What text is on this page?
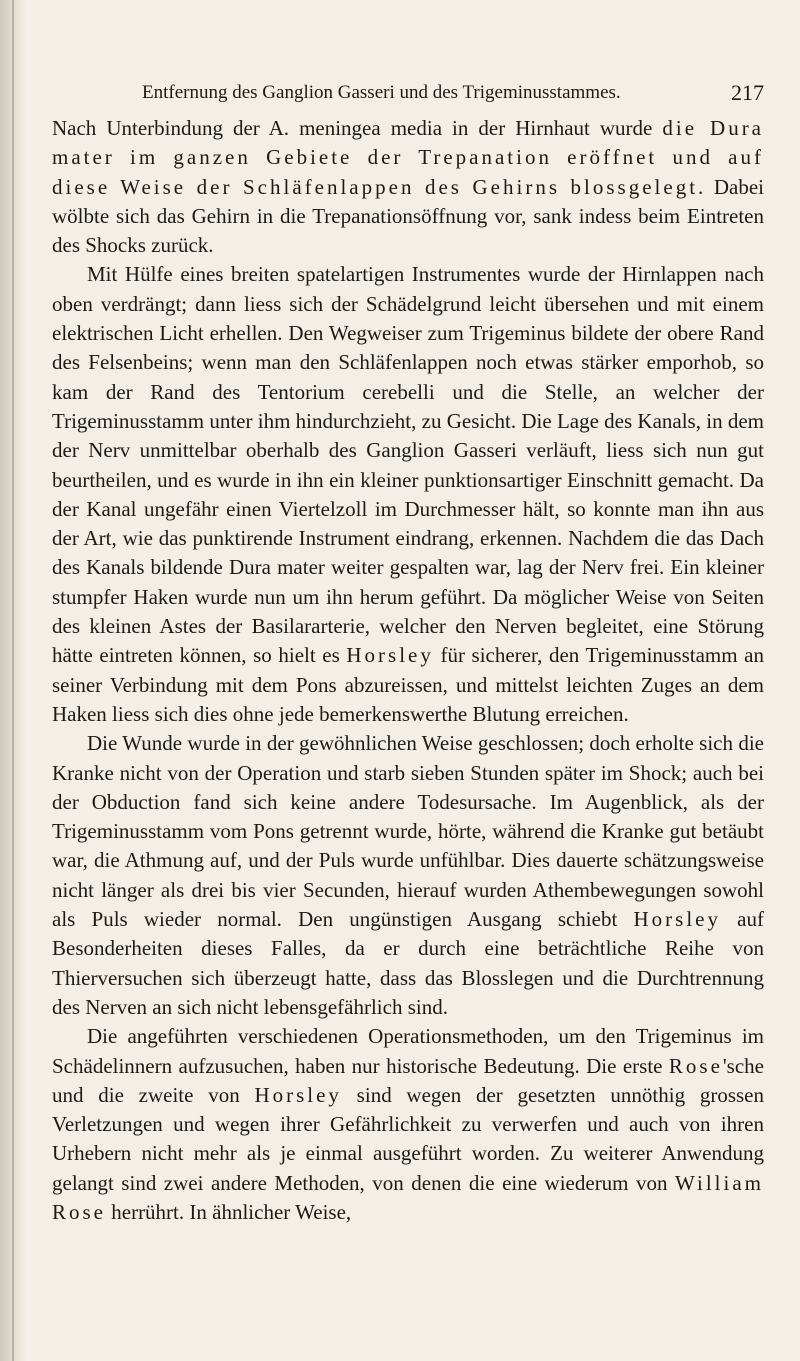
Entfernung des Ganglion Gasseri und des Trigeminusstammes.	217

Nach Unterbindung der A. meningea media in der Hirnhaut wurde die Dura mater im ganzen Gebiete der Trepanation eröffnet und auf diese Weise der Schläfenlappen des Gehirns blossgelegt. Dabei wölbte sich das Gehirn in die Trepanationsöffnung vor, sank indess beim Eintreten des Shocks zurück.

Mit Hülfe eines breiten spatelartigen Instrumentes wurde der Hirnlappen nach oben verdrängt; dann liess sich der Schädelgrund leicht übersehen und mit einem elektrischen Licht erhellen. Den Wegweiser zum Trigeminus bildete der obere Rand des Felsenbeins; wenn man den Schläfenlappen noch etwas stärker emporhob, so kam der Rand des Tentorium cerebelli und die Stelle, an welcher der Trigeminusstamm unter ihm hindurchzieht, zu Gesicht. Die Lage des Kanals, in dem der Nerv unmittelbar oberhalb des Ganglion Gasseri verläuft, liess sich nun gut beurtheilen, und es wurde in ihn ein kleiner punktionsartiger Einschnitt gemacht. Da der Kanal ungefähr einen Viertelzoll im Durchmesser hält, so konnte man ihn aus der Art, wie das punktirende Instrument eindrang, erkennen. Nachdem die das Dach des Kanals bildende Dura mater weiter gespalten war, lag der Nerv frei. Ein kleiner stumpfer Haken wurde nun um ihn herum geführt. Da möglicher Weise von Seiten des kleinen Astes der Basilararterie, welcher den Nerven begleitet, eine Störung hätte eintreten können, so hielt es Horsley für sicherer, den Trigeminusstamm an seiner Verbindung mit dem Pons abzureissen, und mittelst leichten Zuges an dem Haken liess sich dies ohne jede bemerkenswerthe Blutung erreichen.

Die Wunde wurde in der gewöhnlichen Weise geschlossen; doch erholte sich die Kranke nicht von der Operation und starb sieben Stunden später im Shock; auch bei der Obduction fand sich keine andere Todesursache. Im Augenblick, als der Trigeminusstamm vom Pons getrennt wurde, hörte, während die Kranke gut betäubt war, die Athmung auf, und der Puls wurde unfühlbar. Dies dauerte schätzungsweise nicht länger als drei bis vier Secunden, hierauf wurden Athembewegungen sowohl als Puls wieder normal. Den ungünstigen Ausgang schiebt Horsley auf Besonderheiten dieses Falles, da er durch eine beträchtliche Reihe von Thierversuchen sich überzeugt hatte, dass das Blosslegen und die Durchtrennung des Nerven an sich nicht lebensgefährlich sind.

Die angeführten verschiedenen Operationsmethoden, um den Trigeminus im Schädelinnern aufzusuchen, haben nur historische Bedeutung. Die erste Rose'sche und die zweite von Horsley sind wegen der gesetzten unnöthig grossen Verletzungen und wegen ihrer Gefährlichkeit zu verwerfen und auch von ihren Urhebern nicht mehr als je einmal ausgeführt worden. Zu weiterer Anwendung gelangt sind zwei andere Methoden, von denen die eine wiederum von William Rose herrührt. In ähnlicher Weise,
